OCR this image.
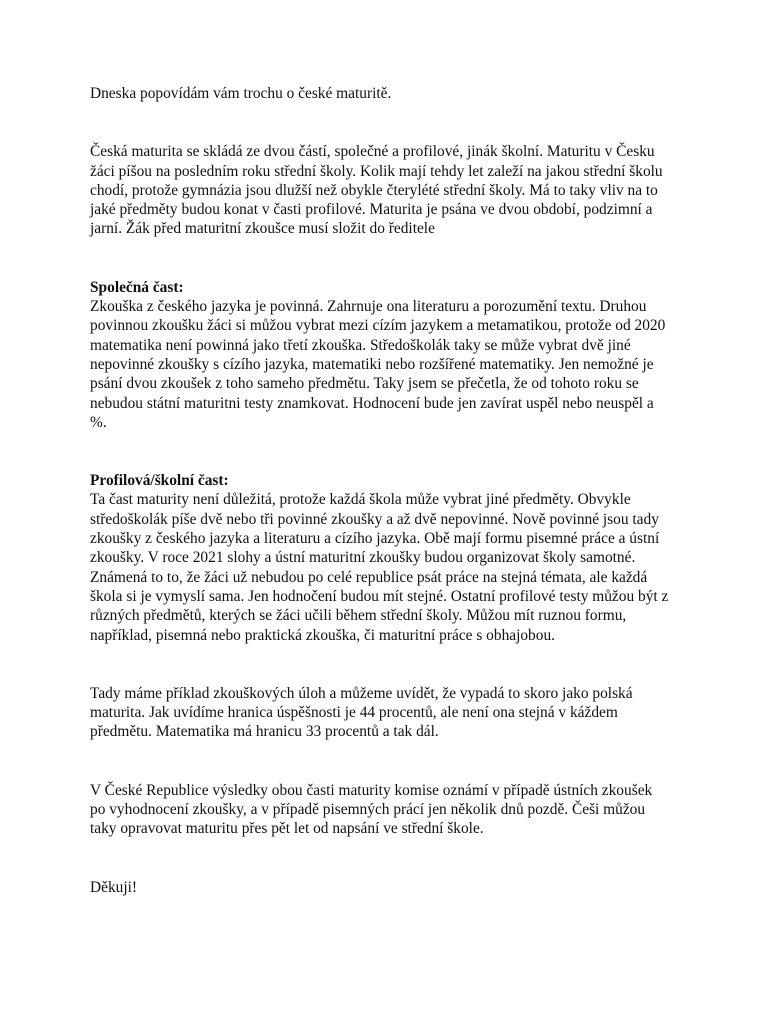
Dneska popovídám vám trochu o české maturitě.

Česká maturita se skládá ze dvou částí, společné a profilové, jinák školní. Maturitu v Česku
žáci píšou na posledním roku střední školy. Kolik mají tehdy let zaleží na jakou střední školu
chodí, protože gymnázia jsou dlužší než obykle čterylété střední školy. Má to taky vliv na to
jaké předměty budou konat v časti profilové. Maturita je psána ve dvou období, podzimní a
jarní. Žák před maturitní zkoušce musí složit do ředitele

Společná čast:
Zkouška z českého jazyka je povinná. Zahrnuje ona literaturu a porozumění textu. Druhou
povinnou zkoušku žáci si můžou vybrat mezi cízím jazykem a metamatikou, protože od 2020
matematika není powinná jako třetí zkouška. Středoškolák taky se může vybrat dvě jiné
nepovinné zkoušky s cízího jazyka, matematiki nebo rozšířené matematiky. Jen nemožné je
psání dvou zkoušek z toho sameho předmětu. Taky jsem se přečetla, že od tohoto roku se
nebudou státní maturitni testy znamkovat. Hodnocení bude jen zavírat uspěl nebo neuspěl a
%.

Profilová/školní čast:
Ta čast maturity není důležitá, protože každá škola může vybrat jiné předměty. Obvykle
středoškolák píše dvě nebo tři povinné zkoušky a až dvě nepovinné. Nově povinné jsou tady
zkoušky z českého jazyka a literaturu a cízího jazyka. Obě mají formu pisemné práce a ústní
zkoušky. V roce 2021 slohy a ústní maturitní zkoušky budou organizovat školy samotné.
Známená to to, že žáci už nebudou po celé republice psát práce na stejná témata, ale každá
škola si je vymyslí sama. Jen hodnočení budou mít stejné. Ostatní profilové testy můžou být z
různých předmětů, kterých se žáci učili během střední školy. Můžou mít ruznou formu,
například, pisemná nebo praktická zkouška, či maturitní práce s obhajobou.

Tady máme příklad zkouškových úloh a můžeme uvídět, že vypadá to skoro jako polská
maturita. Jak uvídíme hranica úspěšnosti je 44 procentů, ale není ona stejná v káždem
předmětu. Matematika má hranicu 33 procentů a tak dál.

V České Republice výsledky obou časti maturity komise oznámí v případě ústních zkoušek
po vyhodnocení zkoušky, a v případě pisemných prácí jen několik dnů pozdě. Češi můžou
taky opravovat maturitu přes pět let od napsání ve střední škole.

Děkuji!
